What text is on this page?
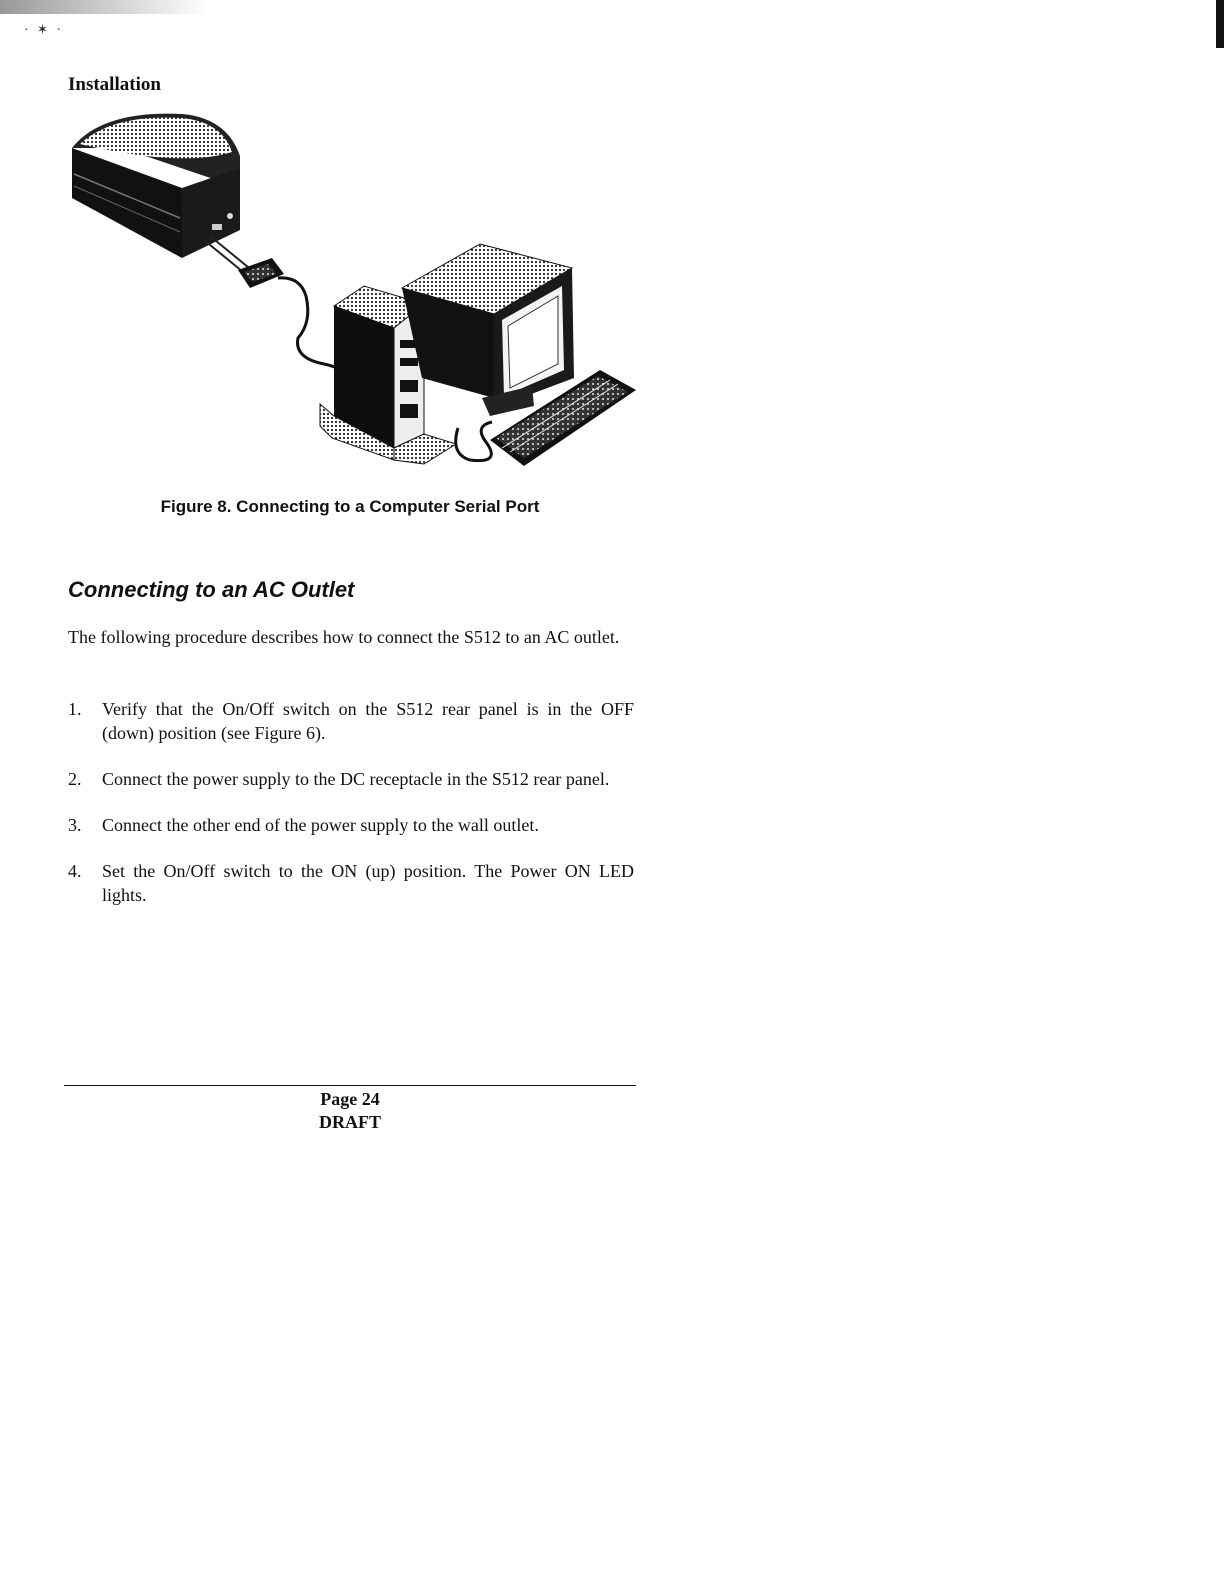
·✶·
Installation
Figure 8. Connecting to a Computer Serial Port
Connecting to an AC Outlet

The following procedure describes how to connect the S512 to an AC outlet.

1. Verify that the On/Off switch on the S512 rear panel is in the OFF (down) position (see Figure 6).
2. Connect the power supply to the DC receptacle in the S512 rear panel.
3. Connect the other end of the power supply to the wall outlet.
4. Set the On/Off switch to the ON (up) position. The Power ON LED lights.
Page 24
DRAFT
